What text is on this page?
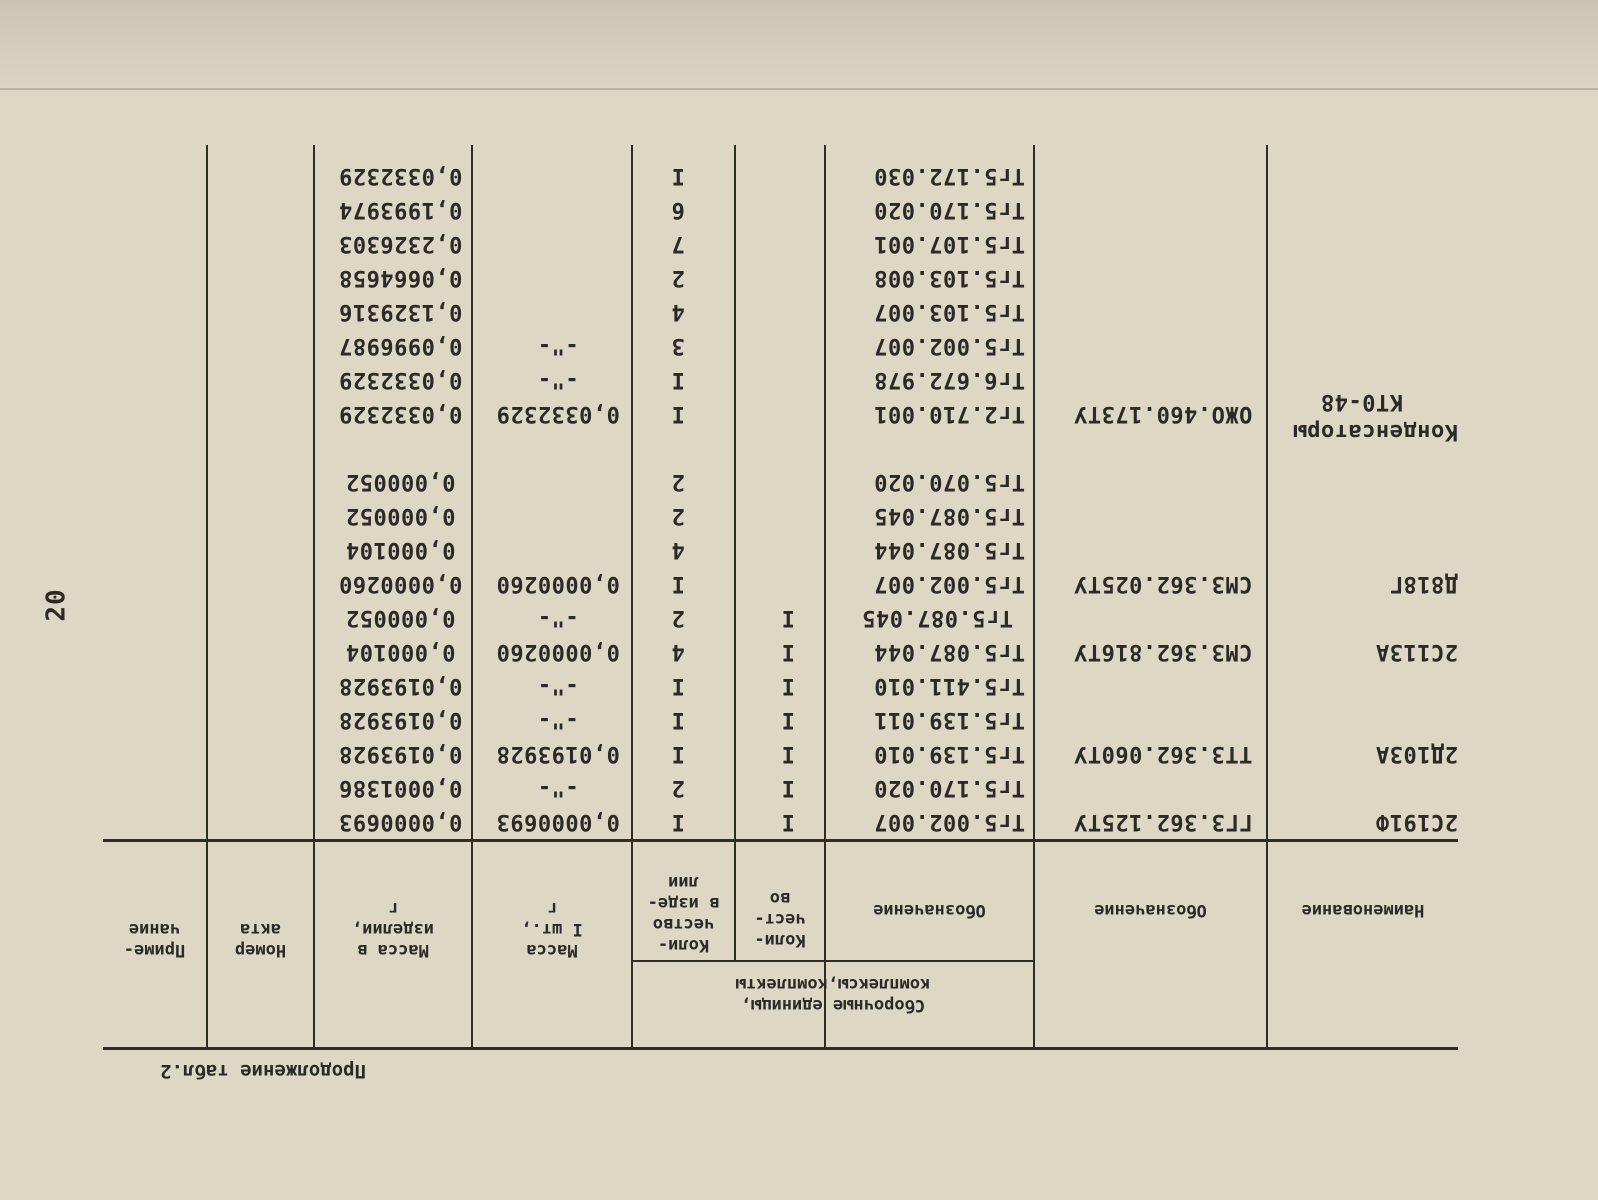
20
Продолжение табл.2
Наименование
Обозначение
Сборочные единицы,
комплексы,комплекты
Обозначение
Коли-
чест-
во
Коли-
чество
в изде-
лии
Масса
I шт.,
г
Масса в
изделии,
г
Номер
акта
Приме-
чание
2С191Ф
ГГЗ.362.125ТУ
Тг5.002.007
I
I
0,0000693
0,0000693
Тг5.170.020
I
2
-"-
0,0001386
2Д103А
ТТЗ.362.060ТУ
Тг5.139.010
I
I
0,0193928
0,0193928
Тг5.139.011
I
I
-"-
0,0193928
Тг5.411.010
I
I
-"-
0,0193928
2С113А
СМЗ.362.816ТУ
Тг5.087.044
I
4
0,0000260
0,000104
Тг5.087.045
I
2
-"-
0,000052
Д818Г
СМЗ.362.025ТУ
Тг5.002.007
I
0,0000260
0,0000260
Тг5.087.044
4
0,000104
Тг5.087.045
2
0,000052
Тг5.070.020
2
0,000052
Конденсаторы
КТ0-48
ОЖО.460.173ТУ
Тг2.710.001
I
0,0332329
0,0332329
Тг6.672.978
I
-"-
0,0332329
Тг5.002.007
3
-"-
0,0996987
Тг5.103.007
4
0,1329316
Тг5.103.008
2
0,0664658
Тг5.107.001
7
0,2326303
Тг5.170.020
6
0,1993974
Тг5.172.030
I
0,0332329
